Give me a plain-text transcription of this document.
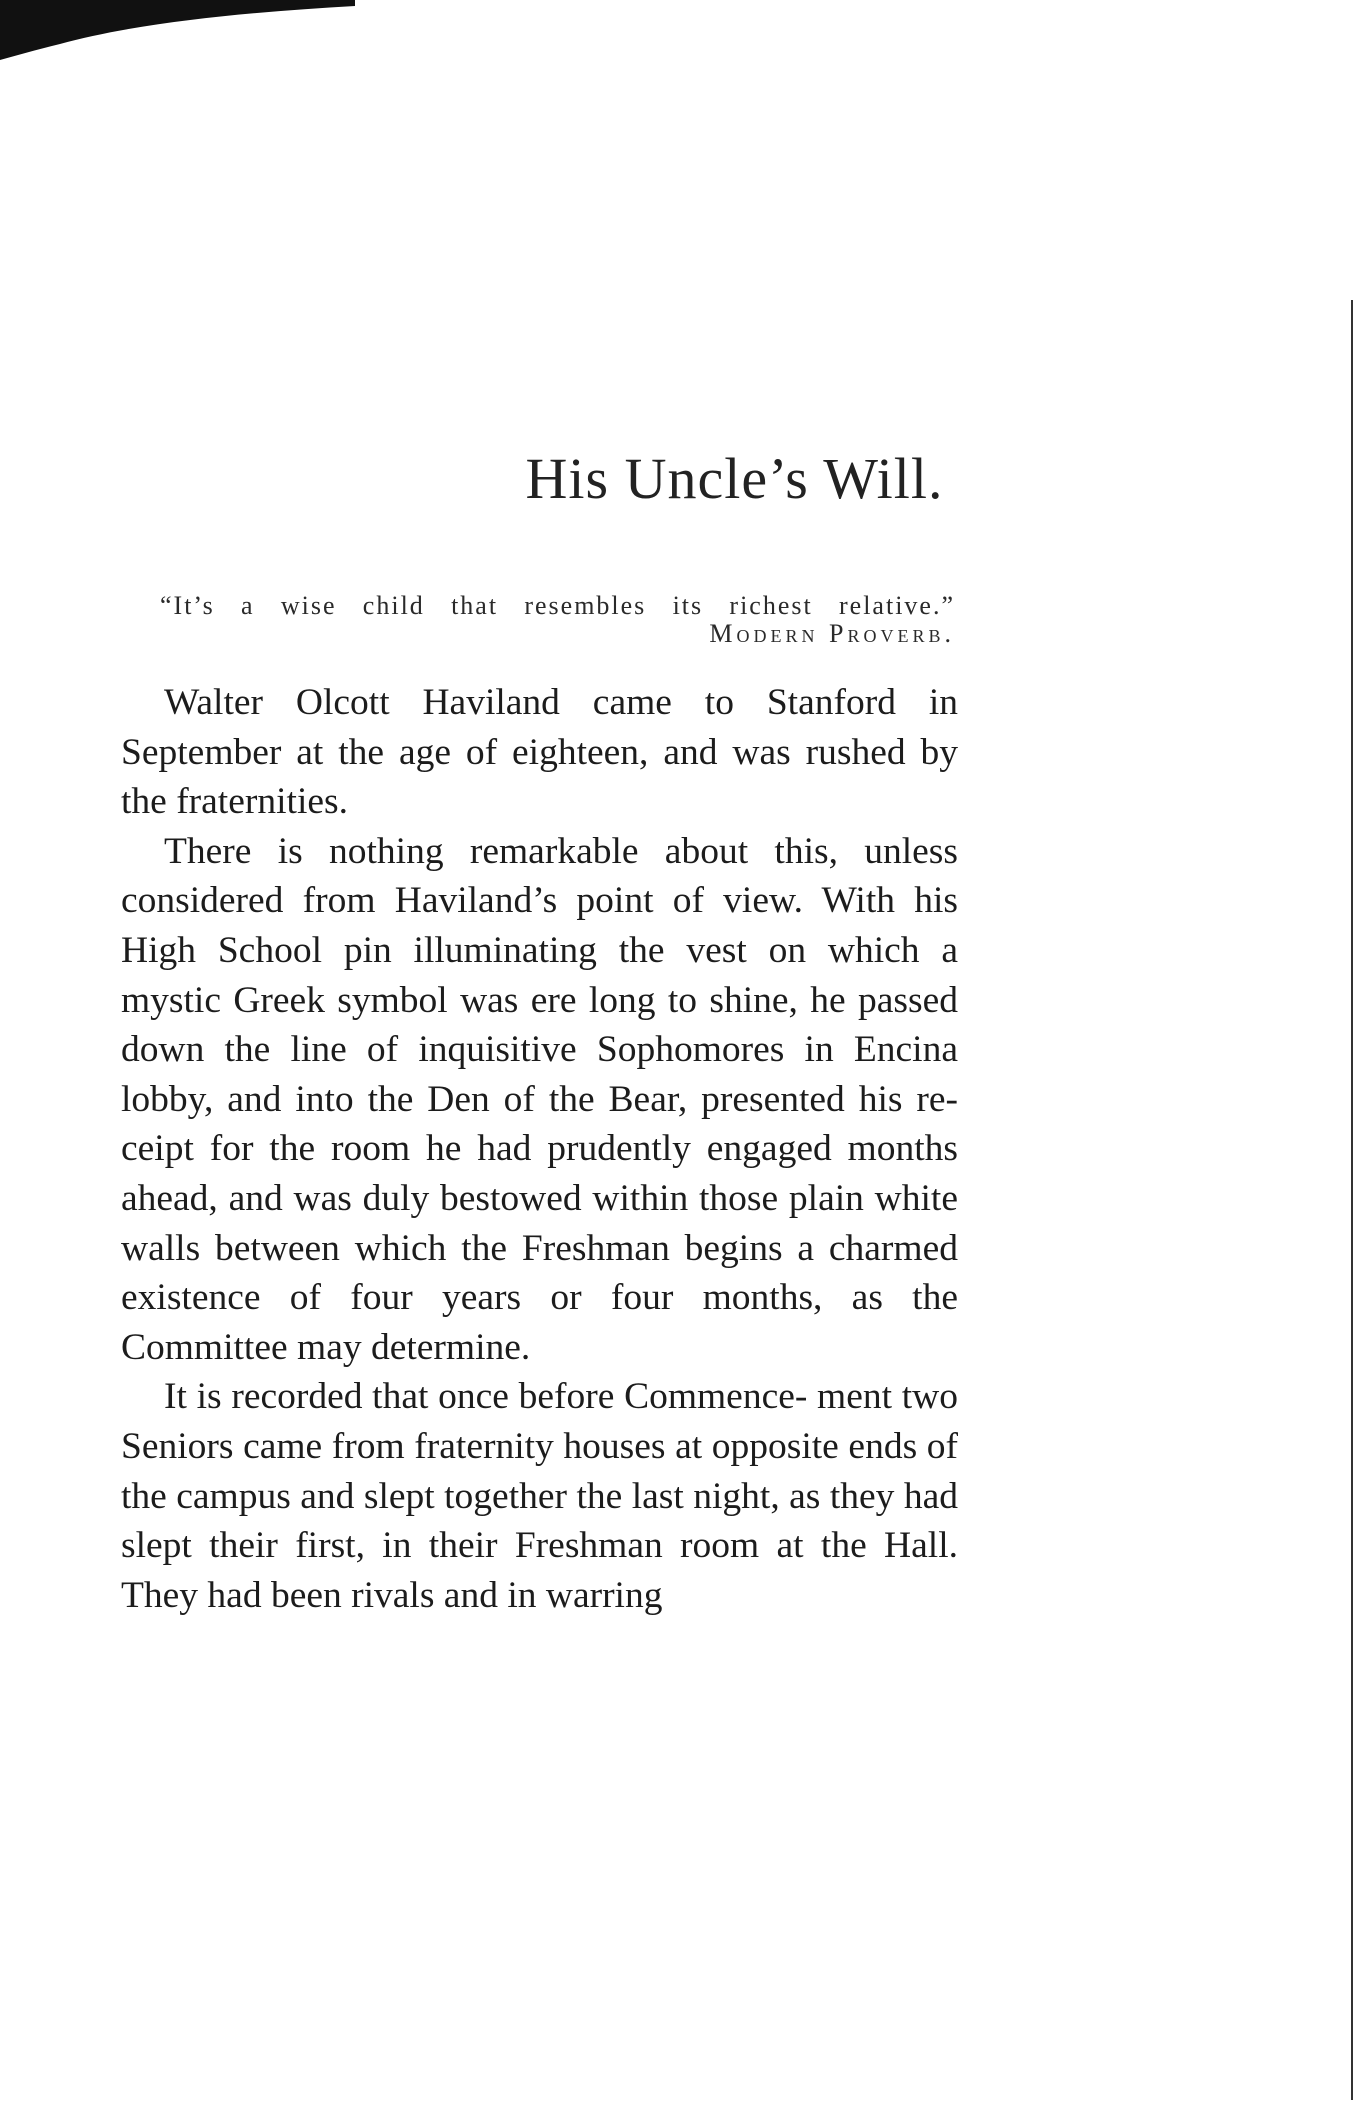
His Uncle’s Will.
“It’s a wise child that resembles its richest relative.”
Modern Proverb.

Walter Olcott Haviland came to Stanford in September at the age of eighteen, and was rushed by the fraternities.

There is nothing remarkable about this, unless considered from Haviland’s point of view. With his High School pin illuminating the vest on which a mystic Greek symbol was ere long to shine, he passed down the line of inquisitive Sophomores in Encina lobby, and into the Den of the Bear, presented his re- ceipt for the room he had prudently engaged months ahead, and was duly bestowed within those plain white walls between which the Freshman begins a charmed existence of four years or four months, as the Committee may determine.

It is recorded that once before Commence- ment two Seniors came from fraternity houses at opposite ends of the campus and slept together the last night, as they had slept their first, in their Freshman room at the Hall. They had been rivals and in warring
